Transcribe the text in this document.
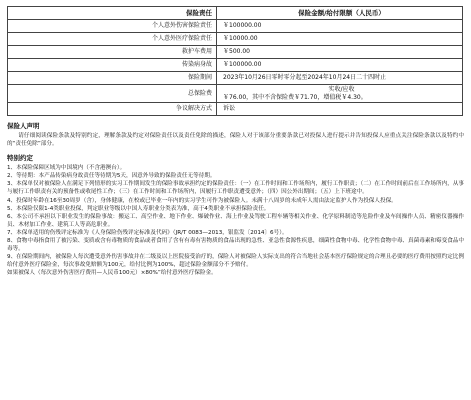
保险责任	保险金额/给付限额（人民币）
个人意外伤害保险责任	￥100000.00
个人意外医疗保险责任	￥10000.00
救护车费用	￥500.00
传染病身故	￥100000.00
保险期间	2023年10月26日零时零分起至2024年10月24日二十四时止
总保险费	实收/应收
￥76.00，其中不含保险费￥71.70，增值税￥4.30。

争议解决方式	诉讼
保险人声明

请仔细阅读保险条款及特别约定，理解条款及约定对保险责任以及责任免除的描述，保险人对于该部分重要条款已对投保人进行提示并告知投保人应重点关注保险条款以及特约中的“责任免除”部分。

特别约定

1、本保险保障区域为中国境内（不含港澳台）。

2、等待期：本产品传染病身故责任等待期为5天，因意外导致的保险责任无等待期。

3、本保单仅对被保险人在满足下列情形的实习工作期间发生的保险事故承担约定的保险责任：（一）在工作时间和工作场所内，履行工作职责；（二）在工作时间前后在工作场所内，从事与履行工作职责有关的预备性或收尾性工作；（三）在工作时间和工作场所内，因履行工作职责遭受意外；（四）因公外出期间；（五）上下班途中。

4、投保时年龄在16至30周岁（含），身体健康，在校或已毕业一年内的实习学生可作为被保险人。未满十八周岁的未成年人需由法定监护人作为投保人投保。

5、本保险仅限1-4类职业投保，判定职业等级以中国人寿职业分类表为准，高于4类职业不承担保险责任。

6、本公司不承担以下职业发生的保险事故：搬运工、高空作业、地下作业、爆破作业、海上作业及驾驶工程车辆等相关作业、化学原料制造等危险作业及车间操作人员、精密仪器操作员、木材加工作业、建筑工人等高危职业。

7、本保单适用的伤残评定标准为《人身保险伤残评定标准及代码》（JR/T 0083—2013，银监发〔2014〕6号）。

8、食物中毒指食用了被污染、变质或含有毒物质的食品或者食用了含有有毒有害物质的食品出现的急性、亚急性食源性疾患，细菌性食物中毒、化学性食物中毒、真菌毒素和霉变食品中毒等。

9、在保险期间内，被保险人每次遭受意外伤害事故并在二级及以上医院接受治疗的，保险人对被保险人实际支出的符合当地社会基本医疗保险规定的合理且必要的医疗费用按照约定比例给付意外医疗保险金，每次事故免赔额为100元，给付比例为100%，超过保险金额部分不予赔付。

如果被保人（每次意外伤害医疗费用—人民币100元）×80%”给付意外医疗保险金。
